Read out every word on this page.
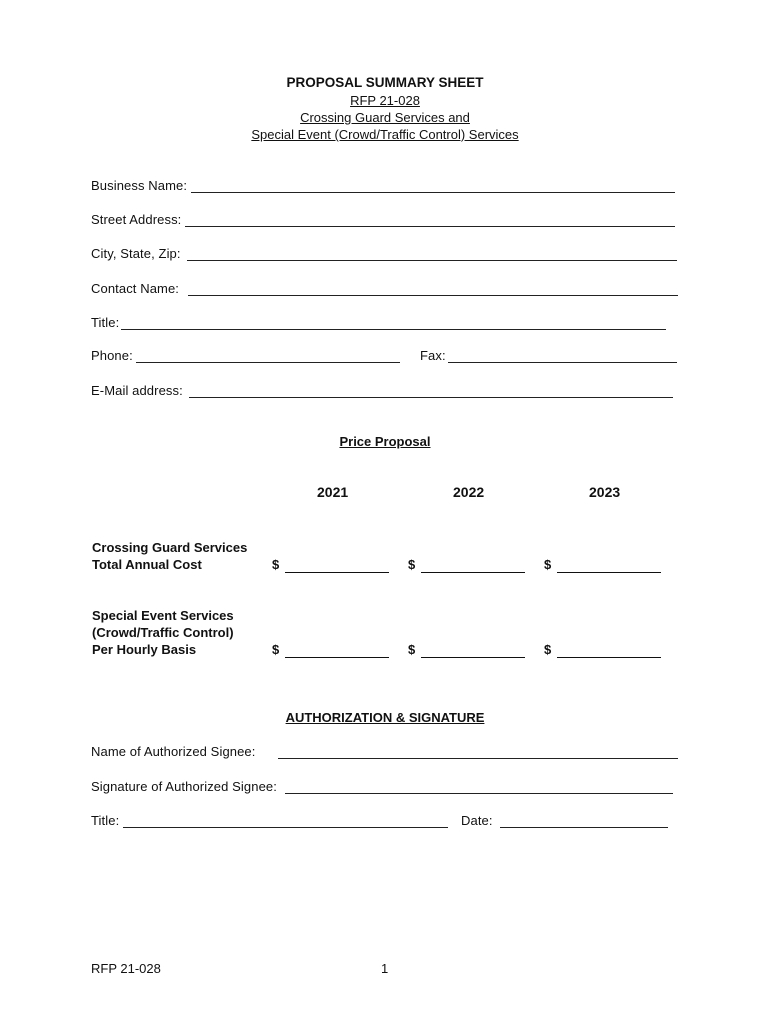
PROPOSAL SUMMARY SHEET
RFP 21-028
Crossing Guard Services and
Special Event (Crowd/Traffic Control) Services
Business Name:
Street Address:
City, State, Zip:
Contact Name:
Title:
Phone:	Fax:
E-Mail address:
Price Proposal
2021	2022	2023
Crossing Guard Services
Total Annual Cost	$	$	$
Special Event Services
(Crowd/Traffic Control)
Per Hourly Basis	$	$	$
AUTHORIZATION & SIGNATURE
Name of Authorized Signee:
Signature of Authorized Signee:
Title:	Date:
RFP 21-028	1
